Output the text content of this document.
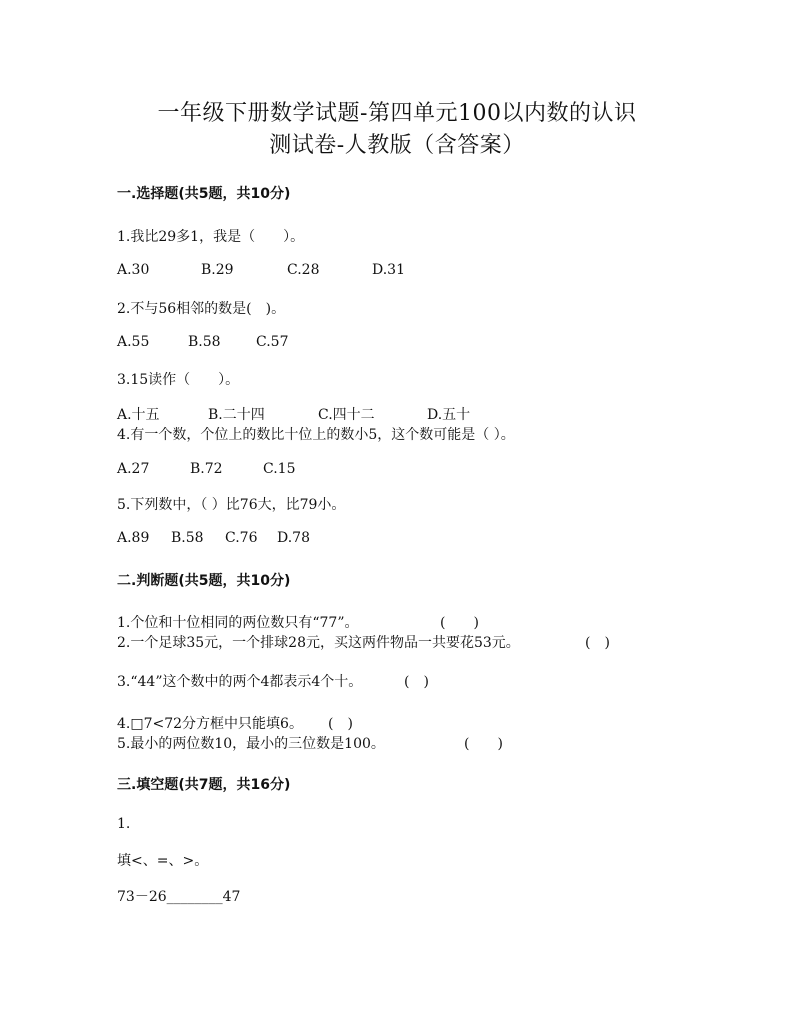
一年级下册数学试题-第四单元100以内数的认识
测试卷-人教版（含答案）
一.选择题(共5题，共10分)
1.我比29多1，我是（　　）。
A.30	B.29	C.28	D.31
2.不与56相邻的数是(　)。
A.55	B.58	C.57
3.15读作（　　）。
A.十五	B.二十四	C.四十二	D.五十
4.有一个数，个位上的数比十位上的数小5，这个数可能是（ ）。
A.27	B.72	C.15
5.下列数中，（ ）比76大，比79小。
A.89 B.58 C.76 D.78
二.判断题(共5题，共10分)
1.个位和十位相同的两位数只有“77”。	(　　)
2.一个足球35元，一个排球28元，买这两件物品一共要花53元。	(　)
3.“44”这个数中的两个4都表示4个十。	(　)
4.□7<72分方框中只能填6。 (　)
5.最小的两位数10，最小的三位数是100。	(　　)
三.填空题(共7题，共16分)
1.
填<、=、>。
73－26________47
